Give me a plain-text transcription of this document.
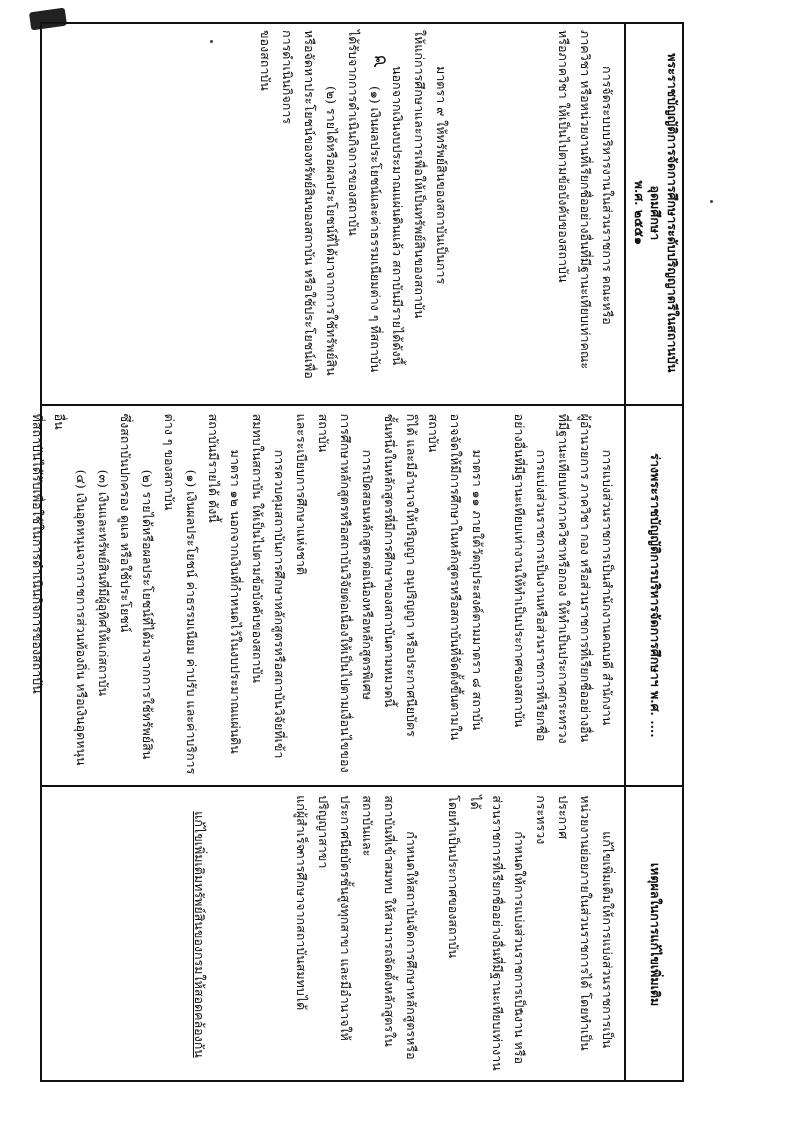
๔	พระราชบัญญัติการจัดการศึกษาระดับปริญญาตรีในสถานบันอุดมศึกษา
พ.ศ. ๒๕๕๑

การจัดระบบบริหารงานในส่วนราชการ คณะหรือ

ภาควิชา หรือหน่วยงานที่เรียกชื่ออย่างอื่นที่มีฐานะเทียบเท่าคณะ

หรือภาควิชา ให้เป็นไปตามข้อบังคับของสถาบัน

มาตรา ๙ ให้ทรัพย์สินของสถาบันเป็นการ

ให้แก่การศึกษาและการเพื่อให้เป็นทรัพย์สินของสถาบัน

นอกจากเงินงบประมาณแผ่นดินแล้ว สถาบันมีรายได้ดังนี้

(๑) เงินผลประโยชน์และค่าธรรมเนียมต่าง ๆ ที่สถาบัน

ได้รับจากการดำเนินกิจการของสถาบัน

(๒) รายได้หรือผลประโยชน์ที่ได้มาจากการใช้ทรัพย์สิน

หรือจัดหาประโยชน์ของทรัพย์สินของสถาบัน หรือใช้ประโยชน์เพื่อการดำเนินกิจการ

ของสถาบัน

ร่างพระราชบัญญัติการบริหารจัดการศึกษาฯ พ.ศ. ....

การแบ่งส่วนราชการเป็นสำนักงานคณบดี สำนักงาน

ผู้อำนวยการ ภาควิชา กอง หรือส่วนราชการที่เรียกชื่ออย่างอื่น

ที่มีฐานะเทียบเท่าภาควิชาหรือกอง ให้ทำเป็นประกาศกระทรวง

การแบ่งส่วนราชการเป็นงานหรือส่วนราชการที่เรียกชื่อ

อย่างอื่นที่มีฐานะเทียบเท่างานให้ทำเป็นประกาศของสถาบัน

มาตรา ๑๑ ภายใต้วัตถุประสงค์ตามมาตรา ๘ สถาบัน

อาจจัดให้มีการศึกษาในหลักสูตรหรือสถาบันที่จัดตั้งขึ้นตามในสถาบัน

ก็ได้ และมีอำนาจให้ปริญญา อนุปริญญา หรือประกาศนียบัตร

ชั้นหนึ่งในหลักสูตรที่มีการศึกษาของสถาบันตามหมวดนี้

การเปิดสอนหลักสูตรต่อเนื่องหรือหลักสูตรพิเศษ

การศึกษาหลักสูตรหรือสถาบันวิจัยต่อเนื่องให้เป็นไปตามเงื่อนไขของสถาบัน

และระเบียบการศึกษาแห่งชาติ

การควบคุมสถาบันการศึกษาหลักสูตรหรือสถาบันวิจัยที่เข้า

สมทบในสถาบัน ให้เป็นไปตามข้อบังคับของสถาบัน

มาตรา ๑๒ นอกจากเงินที่กำหนดไว้ในงบประมาณแผ่นดิน

สถาบันมีรายได้ ดังนี้

(๑) เงินผลประโยชน์ ค่าธรรมเนียม ค่าปรับ และค่าบริการ

ต่าง ๆ ของสถาบัน

(๒) รายได้หรือผลประโยชน์ที่ได้มาจากการใช้ทรัพย์สิน

ซึ่งสถาบันปกครอง ดูแล หรือใช้ประโยชน์

(๓) เงินและทรัพย์สินที่มีผู้อุทิศให้แก่สถาบัน

(๔) เงินอุดหนุนจากราชการส่วนท้องถิ่น หรือเงินอุดหนุนอื่น

ที่สถาบันได้รับเพื่อใช้ในการดำเนินกิจการของสถาบัน

เหตุผลในการแก้ไขเพิ่มเติม

แก้ไขเพิ่มเติมให้การแบ่งส่วนราชการเป็น

หน่วยงานย่อยภายในส่วนราชการได้ โดยทำเป็นประกาศ

กระทรวง

กำหนดให้การแบ่งส่วนราชการเป็นงาน หรือ

ส่วนราชการที่เรียกชื่ออย่างอื่นที่มีฐานะเทียบเท่างานได้

โดยทำเป็นประกาศของสถาบัน

กำหนดให้สถาบันจัดการศึกษาหลักสูตรหรือ

สถาบันที่เข้าสมทบ ให้สามารถจัดตั้งหลักสูตรในสถาบันและ

ประกาศนียบัตรชั้นสูงทุกสาขา และมีอำนาจให้ปริญญาสาขา

แก่ผู้สำเร็จการศึกษาจากสถาบันสมทบได้

แก้ไขเพิ่มเติมทรัพย์สินของกรมให้สอดคล้องกัน
